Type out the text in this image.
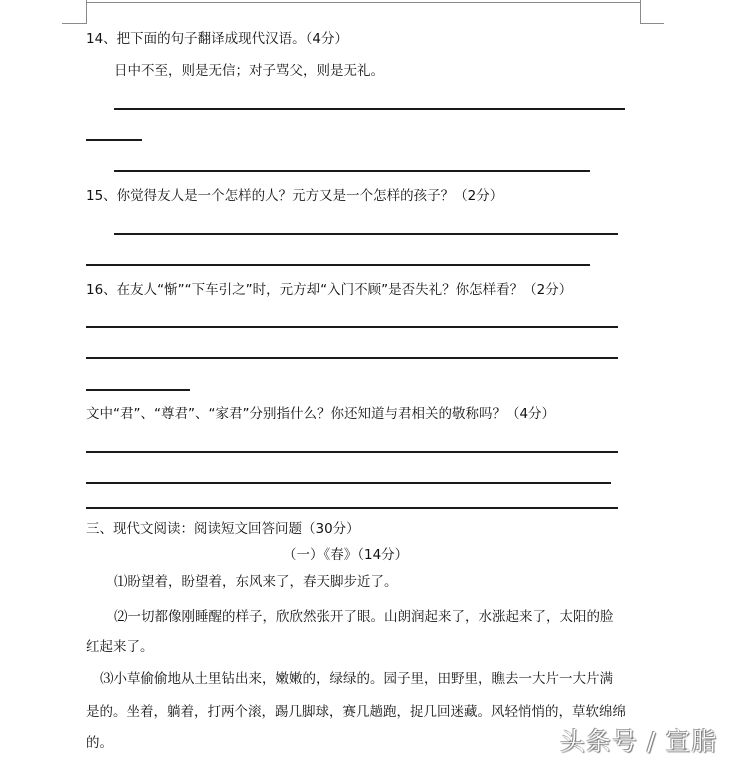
14、把下面的句子翻译成现代汉语。（4分）
日中不至，则是无信；对子骂父，则是无礼。
15、你觉得友人是一个怎样的人？元方又是一个怎样的孩子？（2分）
16、在友人“惭”“下车引之”时，元方却“入门不顾”是否失礼？你怎样看？（2分）
文中“君”、“尊君”、“家君”分别指什么？你还知道与君相关的敬称吗？（4分）
三、现代文阅读：阅读短文回答问题（30分）
（一）《春》（14分）
⑴盼望着，盼望着，东风来了，春天脚步近了。
⑵一切都像刚睡醒的样子，欣欣然张开了眼。山朗润起来了，水涨起来了，太阳的脸
红起来了。
⑶小草偷偷地从土里钻出来，嫩嫩的，绿绿的。园子里，田野里，瞧去一大片一大片满
是的。坐着，躺着，打两个滚，踢几脚球，赛几趟跑，捉几回迷藏。风轻悄悄的，草软绵绵
的。	头条号 / 宣脂
